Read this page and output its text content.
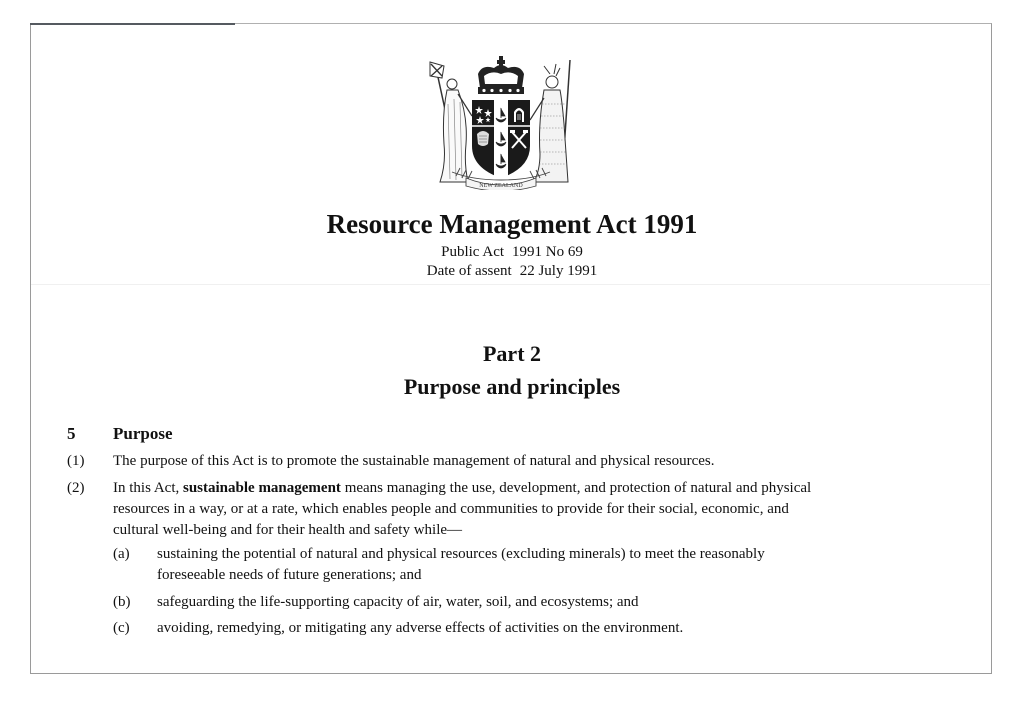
NEW ZEALAND
Resource Management Act 1991
Public Act 1991 No 69
Date of assent 22 July 1991
Part 2
Purpose and principles
5 Purpose
(1) The purpose of this Act is to promote the sustainable management of natural and physical resources.
(2) In this Act, sustainable management means managing the use, development, and protection of natural and physical
resources in a way, or at a rate, which enables people and communities to provide for their social, economic, and
cultural well-being and for their health and safety while—
(a) sustaining the potential of natural and physical resources (excluding minerals) to meet the reasonably
foreseeable needs of future generations; and
(b) safeguarding the life-supporting capacity of air, water, soil, and ecosystems; and
(c) avoiding, remedying, or mitigating any adverse effects of activities on the environment.
